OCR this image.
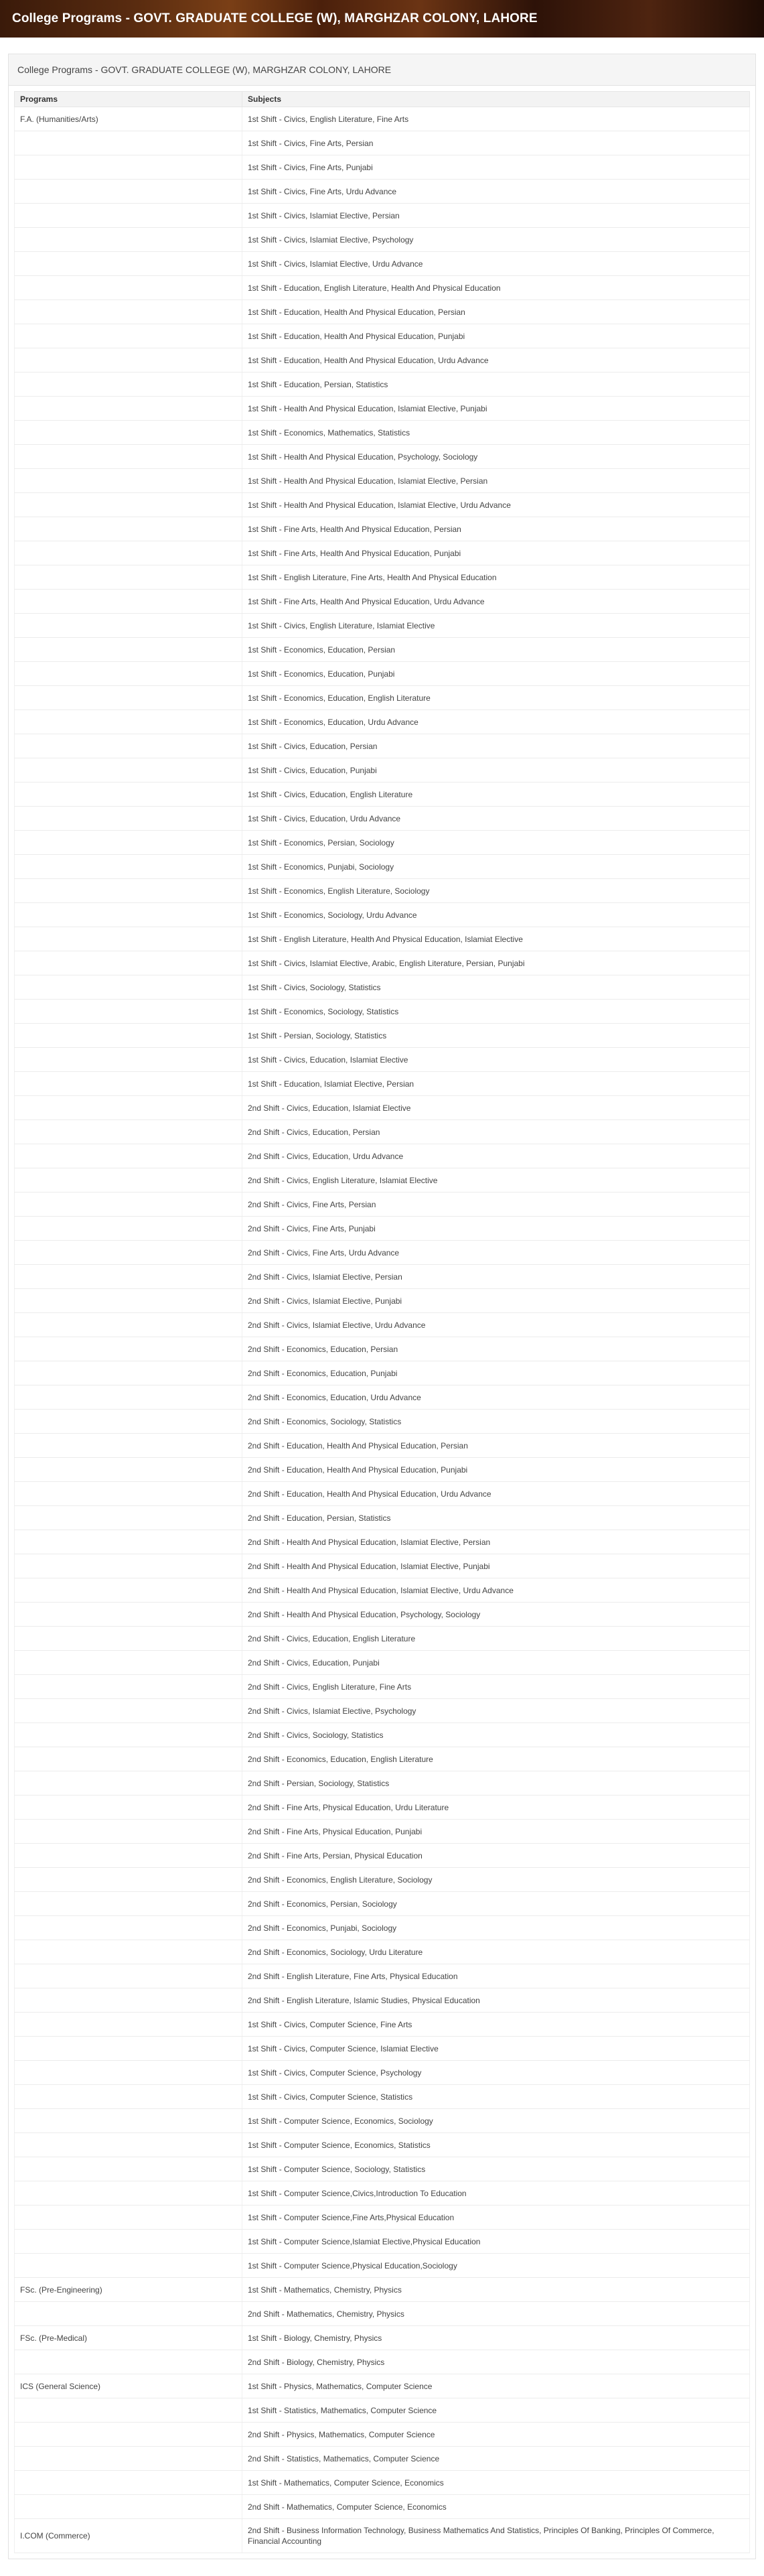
College Programs - GOVT. GRADUATE COLLEGE (W), MARGHZAR COLONY, LAHORE
College Programs - GOVT. GRADUATE COLLEGE (W), MARGHZAR COLONY, LAHORE
Programs	Subjects
F.A. (Humanities/Arts)	1st Shift - Civics, English Literature, Fine Arts
	1st Shift - Civics, Fine Arts, Persian
	1st Shift - Civics, Fine Arts, Punjabi
	1st Shift - Civics, Fine Arts, Urdu Advance
	1st Shift - Civics, Islamiat Elective, Persian
	1st Shift - Civics, Islamiat Elective, Psychology
	1st Shift - Civics, Islamiat Elective, Urdu Advance
	1st Shift - Education, English Literature, Health And Physical Education
	1st Shift - Education, Health And Physical Education, Persian
	1st Shift - Education, Health And Physical Education, Punjabi
	1st Shift - Education, Health And Physical Education, Urdu Advance
	1st Shift - Education, Persian, Statistics
	1st Shift - Health And Physical Education, Islamiat Elective, Punjabi
	1st Shift - Economics, Mathematics, Statistics
	1st Shift - Health And Physical Education, Psychology, Sociology
	1st Shift - Health And Physical Education, Islamiat Elective, Persian
	1st Shift - Health And Physical Education, Islamiat Elective, Urdu Advance
	1st Shift - Fine Arts, Health And Physical Education, Persian
	1st Shift - Fine Arts, Health And Physical Education, Punjabi
	1st Shift - English Literature, Fine Arts, Health And Physical Education
	1st Shift - Fine Arts, Health And Physical Education, Urdu Advance
	1st Shift - Civics, English Literature, Islamiat Elective
	1st Shift - Economics, Education, Persian
	1st Shift - Economics, Education, Punjabi
	1st Shift - Economics, Education, English Literature
	1st Shift - Economics, Education, Urdu Advance
	1st Shift - Civics, Education, Persian
	1st Shift - Civics, Education, Punjabi
	1st Shift - Civics, Education, English Literature
	1st Shift - Civics, Education, Urdu Advance
	1st Shift - Economics, Persian, Sociology
	1st Shift - Economics, Punjabi, Sociology
	1st Shift - Economics, English Literature, Sociology
	1st Shift - Economics, Sociology, Urdu Advance
	1st Shift - English Literature, Health And Physical Education, Islamiat Elective
	1st Shift - Civics, Islamiat Elective, Arabic, English Literature, Persian, Punjabi
	1st Shift - Civics, Sociology, Statistics
	1st Shift - Economics, Sociology, Statistics
	1st Shift - Persian, Sociology, Statistics
	1st Shift - Civics, Education, Islamiat Elective
	1st Shift - Education, Islamiat Elective, Persian
	2nd Shift - Civics, Education, Islamiat Elective
	2nd Shift - Civics, Education, Persian
	2nd Shift - Civics, Education, Urdu Advance
	2nd Shift - Civics, English Literature, Islamiat Elective
	2nd Shift - Civics, Fine Arts, Persian
	2nd Shift - Civics, Fine Arts, Punjabi
	2nd Shift - Civics, Fine Arts, Urdu Advance
	2nd Shift - Civics, Islamiat Elective, Persian
	2nd Shift - Civics, Islamiat Elective, Punjabi
	2nd Shift - Civics, Islamiat Elective, Urdu Advance
	2nd Shift - Economics, Education, Persian
	2nd Shift - Economics, Education, Punjabi
	2nd Shift - Economics, Education, Urdu Advance
	2nd Shift - Economics, Sociology, Statistics
	2nd Shift - Education, Health And Physical Education, Persian
	2nd Shift - Education, Health And Physical Education, Punjabi
	2nd Shift - Education, Health And Physical Education, Urdu Advance
	2nd Shift - Education, Persian, Statistics
	2nd Shift - Health And Physical Education, Islamiat Elective, Persian
	2nd Shift - Health And Physical Education, Islamiat Elective, Punjabi
	2nd Shift - Health And Physical Education, Islamiat Elective, Urdu Advance
	2nd Shift - Health And Physical Education, Psychology, Sociology
	2nd Shift - Civics, Education, English Literature
	2nd Shift - Civics, Education, Punjabi
	2nd Shift - Civics, English Literature, Fine Arts
	2nd Shift - Civics, Islamiat Elective, Psychology
	2nd Shift - Civics, Sociology, Statistics
	2nd Shift - Economics, Education, English Literature
	2nd Shift - Persian, Sociology, Statistics
	2nd Shift - Fine Arts, Physical Education, Urdu Literature
	2nd Shift - Fine Arts, Physical Education, Punjabi
	2nd Shift - Fine Arts, Persian, Physical Education
	2nd Shift - Economics, English Literature, Sociology
	2nd Shift - Economics, Persian, Sociology
	2nd Shift - Economics, Punjabi, Sociology
	2nd Shift - Economics, Sociology, Urdu Literature
	2nd Shift - English Literature, Fine Arts, Physical Education
	2nd Shift - English Literature, Islamic Studies, Physical Education
	1st Shift - Civics, Computer Science, Fine Arts
	1st Shift - Civics, Computer Science, Islamiat Elective
	1st Shift - Civics, Computer Science, Psychology
	1st Shift - Civics, Computer Science, Statistics
	1st Shift - Computer Science, Economics, Sociology
	1st Shift - Computer Science, Economics, Statistics
	1st Shift - Computer Science, Sociology, Statistics
	1st Shift - Computer Science,Civics,Introduction To Education
	1st Shift - Computer Science,Fine Arts,Physical Education
	1st Shift - Computer Science,Islamiat Elective,Physical Education
	1st Shift - Computer Science,Physical Education,Sociology
FSc. (Pre-Engineering)	1st Shift - Mathematics, Chemistry, Physics
	2nd Shift - Mathematics, Chemistry, Physics
FSc. (Pre-Medical)	1st Shift - Biology, Chemistry, Physics
	2nd Shift - Biology, Chemistry, Physics
ICS (General Science)	1st Shift - Physics, Mathematics, Computer Science
	1st Shift - Statistics, Mathematics, Computer Science
	2nd Shift - Physics, Mathematics, Computer Science
	2nd Shift - Statistics, Mathematics, Computer Science
	1st Shift - Mathematics, Computer Science, Economics
	2nd Shift - Mathematics, Computer Science, Economics
I.COM (Commerce)	2nd Shift - Business Information Technology, Business Mathematics And Statistics, Principles Of Banking, Principles Of Commerce, Financial Accounting
